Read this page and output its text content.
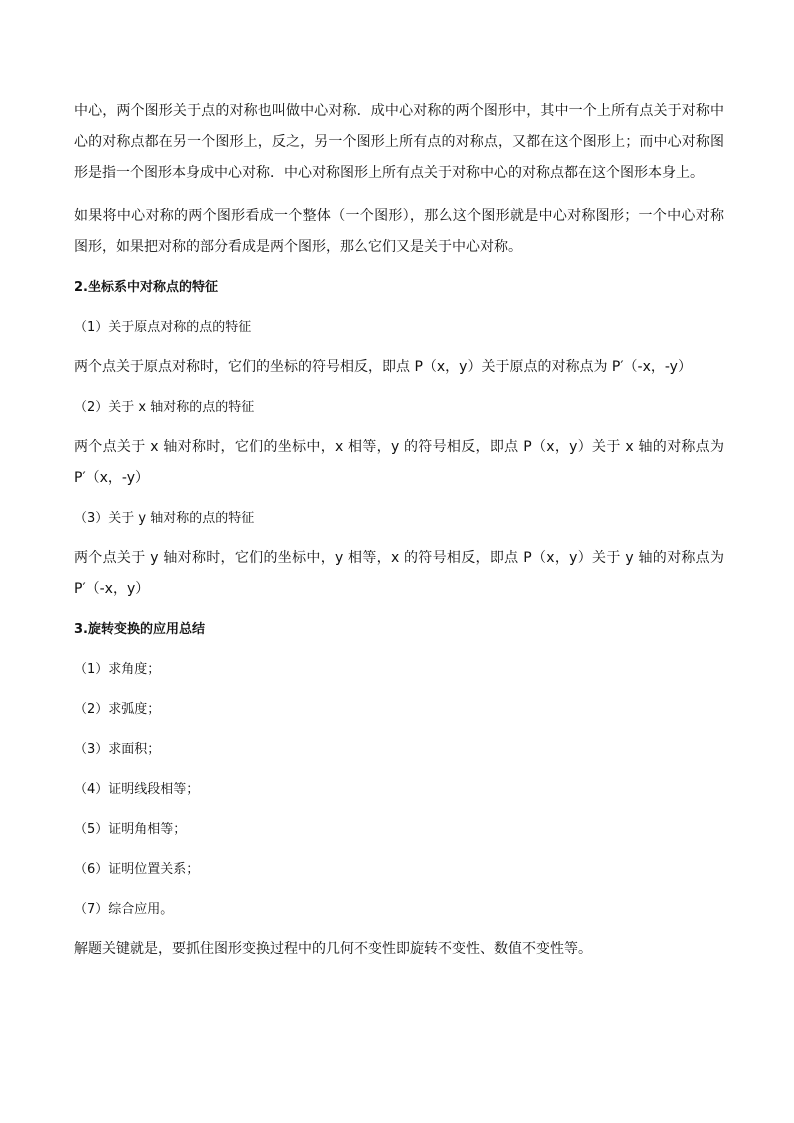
中心，两个图形关于点的对称也叫做中心对称．成中心对称的两个图形中，其中一个上所有点关于对称中心的对称点都在另一个图形上，反之，另一个图形上所有点的对称点，又都在这个图形上；而中心对称图形是指一个图形本身成中心对称．中心对称图形上所有点关于对称中心的对称点都在这个图形本身上。

如果将中心对称的两个图形看成一个整体（一个图形），那么这个图形就是中心对称图形；一个中心对称图形，如果把对称的部分看成是两个图形，那么它们又是关于中心对称。

2.坐标系中对称点的特征

（1）关于原点对称的点的特征

两个点关于原点对称时，它们的坐标的符号相反，即点 P（x，y）关于原点的对称点为 P′（-x，-y）

（2）关于 x 轴对称的点的特征

两个点关于 x 轴对称时，它们的坐标中，x 相等，y 的符号相反，即点 P（x，y）关于 x 轴的对称点为 P′（x，-y）

（3）关于 y 轴对称的点的特征

两个点关于 y 轴对称时，它们的坐标中，y 相等，x 的符号相反，即点 P（x，y）关于 y 轴的对称点为 P′（-x，y）

3.旋转变换的应用总结

（1）求角度；

（2）求弧度；

（3）求面积；

（4）证明线段相等；

（5）证明角相等；

（6）证明位置关系；

（7）综合应用。

解题关键就是，要抓住图形变换过程中的几何不变性即旋转不变性、数值不变性等。
